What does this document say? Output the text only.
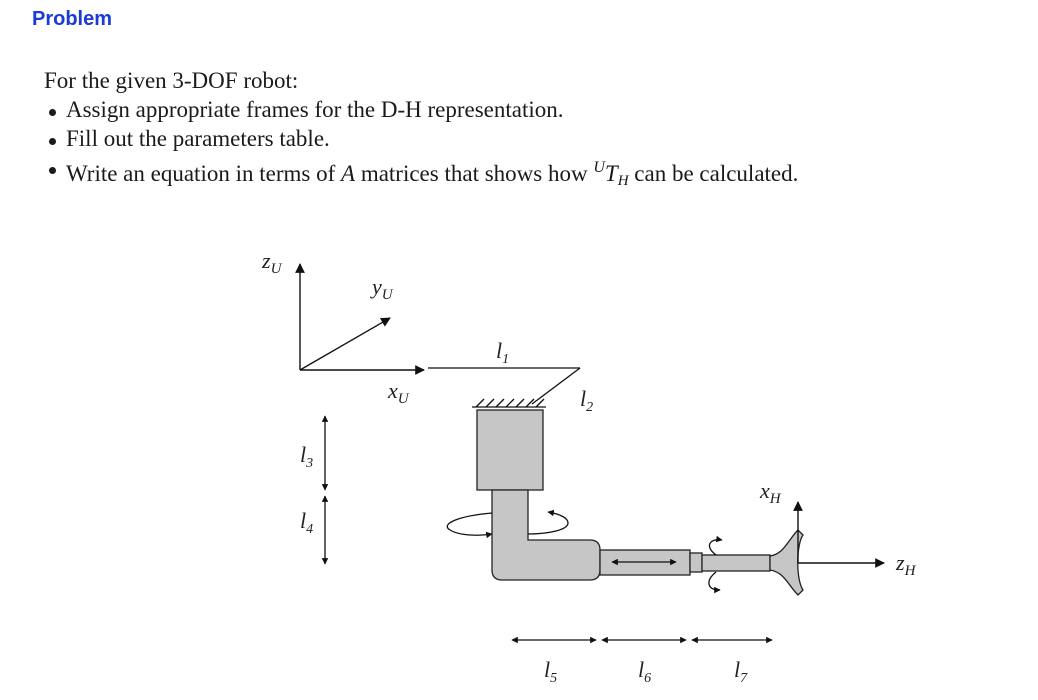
Problem

For the given 3-DOF robot:

Assign appropriate frames for the D-H representation.
Fill out the parameters table.
Write an equation in terms of A matrices that shows how $^UT_H$ can be calculated.
$z_U$
$y_U$
$x_U$
$l_1$
$l_2$
$x_H$
$z_H$
$l_3$
$l_4$
$l_5$	$l_6$	$l_7$
